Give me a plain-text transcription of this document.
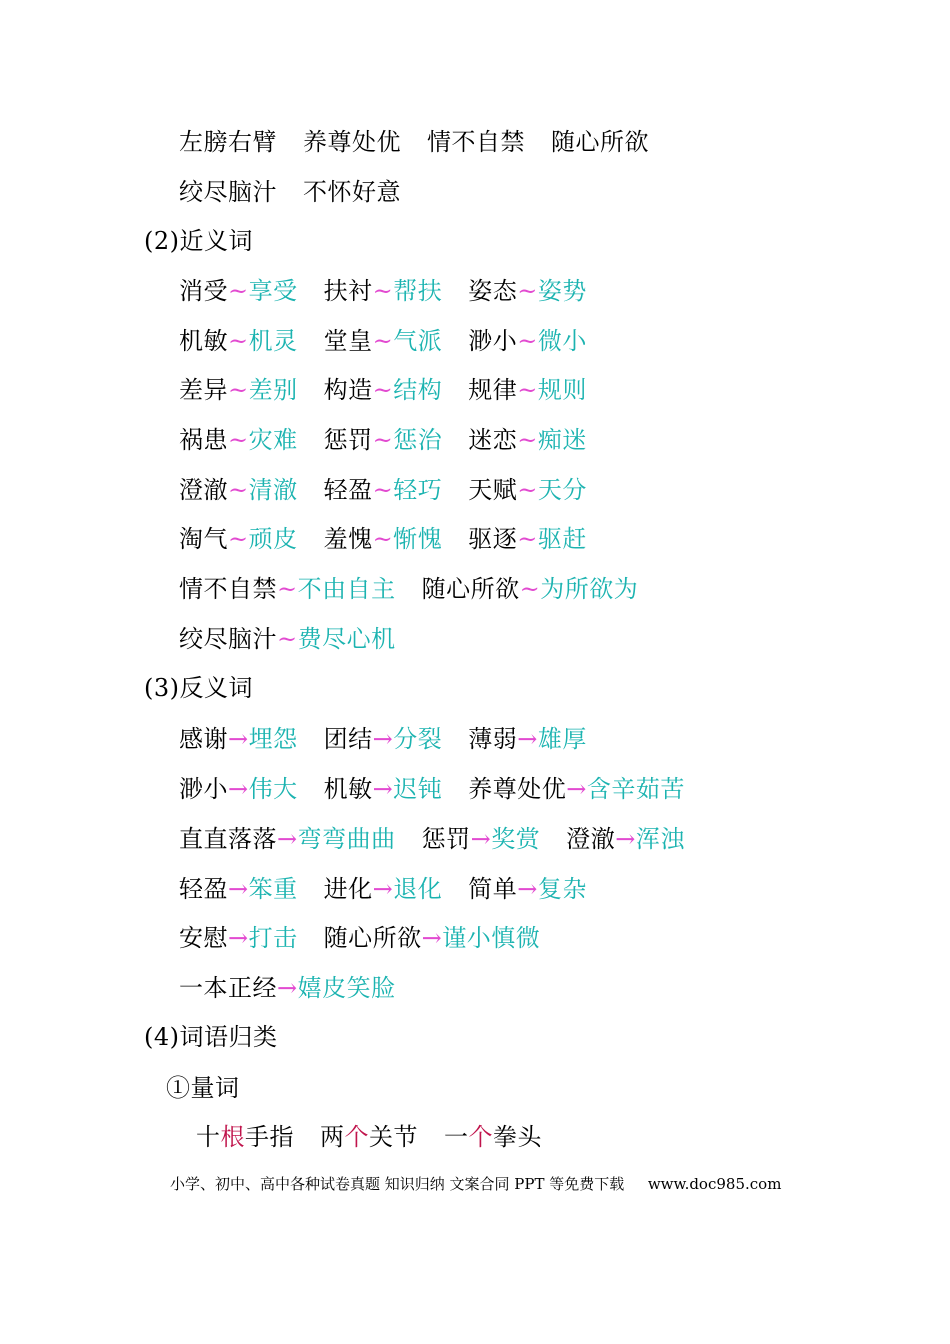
左膀右臂 养尊处优 情不自禁 随心所欲
绞尽脑汁 不怀好意
(2)近义词
消受~享受 扶衬~帮扶 姿态~姿势
机敏~机灵 堂皇~气派 渺小~微小
差异~差别 构造~结构 规律~规则
祸患~灾难 惩罚~惩治 迷恋~痴迷
澄澈~清澈 轻盈~轻巧 天赋~天分
淘气~顽皮 羞愧~惭愧 驱逐~驱赶
情不自禁~不由自主 随心所欲~为所欲为
绞尽脑汁~费尽心机
(3)反义词
感谢→埋怨 团结→分裂 薄弱→雄厚
渺小→伟大 机敏→迟钝 养尊处优→含辛茹苦
直直落落→弯弯曲曲 惩罚→奖赏 澄澈→浑浊
轻盈→笨重 进化→退化 简单→复杂
安慰→打击 随心所欲→谨小慎微
一本正经→嬉皮笑脸
(4)词语归类
①量词
十根手指 两个关节 一个拳头
小学、初中、高中各种试卷真题 知识归纳 文案合同 PPT 等免费下载 www.doc985.com
